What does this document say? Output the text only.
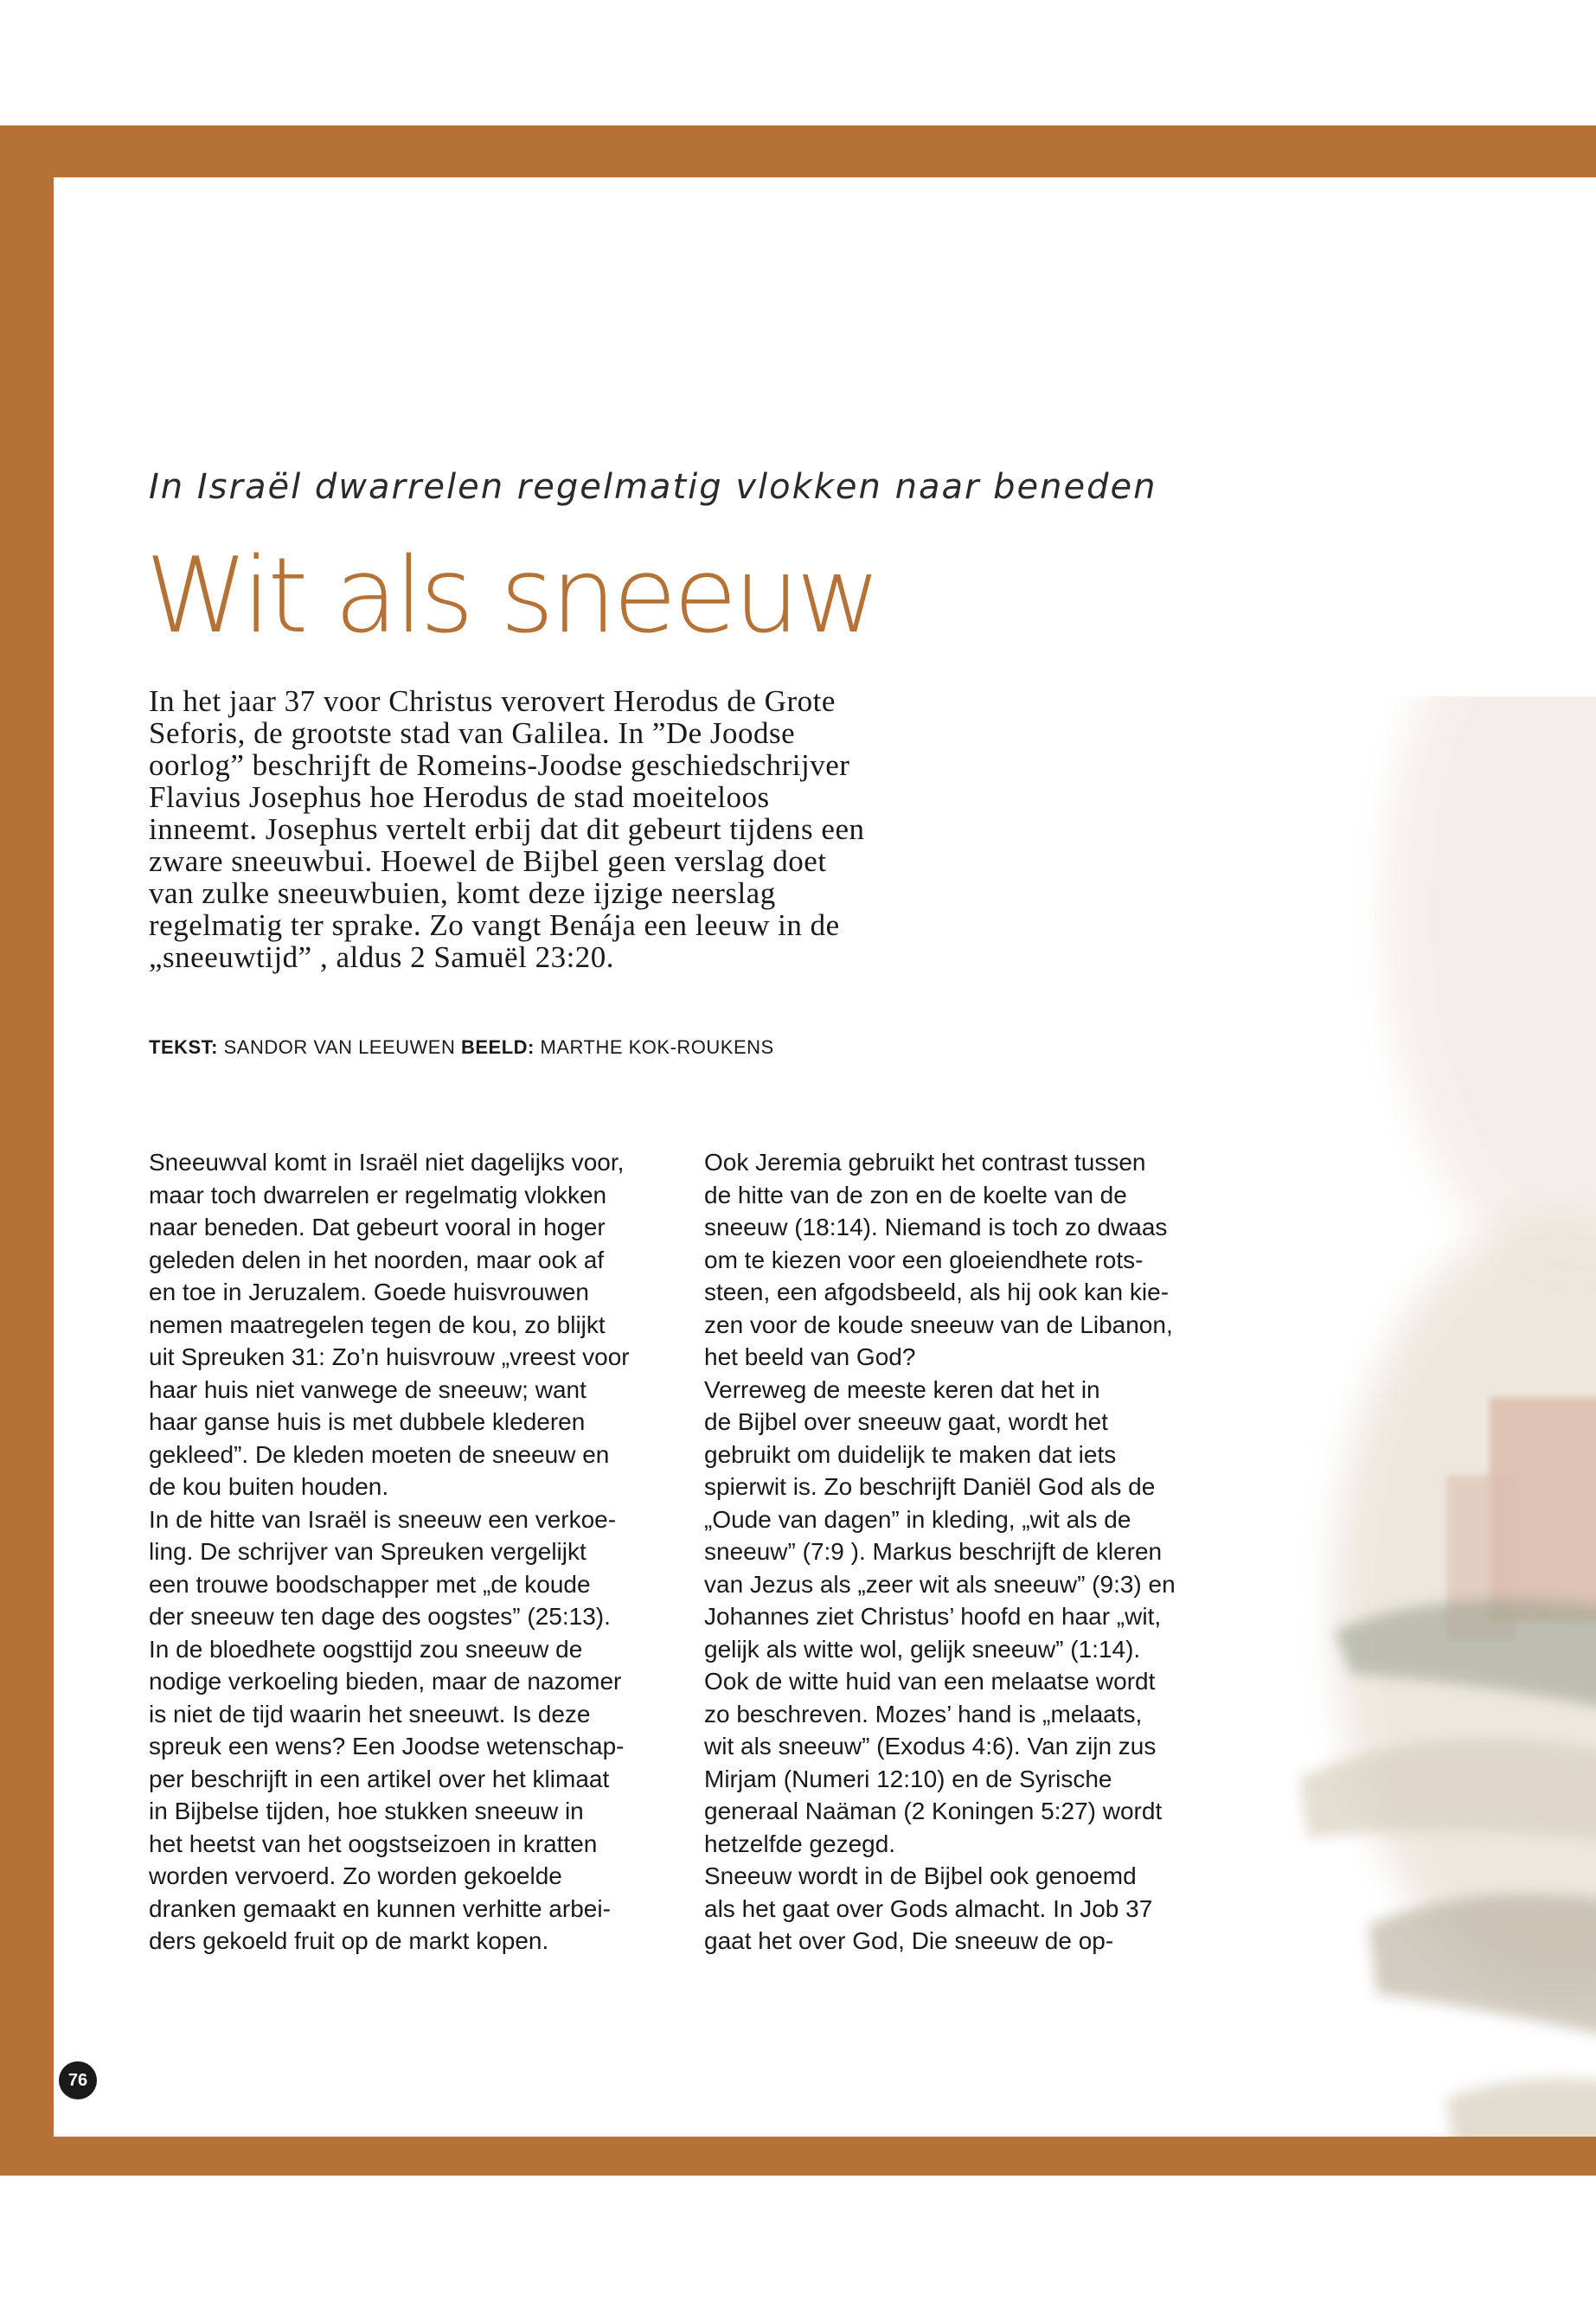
In Israël dwarrelen regelmatig vlokken naar beneden

Wit als sneeuw

In het jaar 37 voor Christus verovert Herodus de Grote Seforis, de grootste stad van Galilea. In ”De Joodse oorlog” beschrijft de Romeins-Joodse geschiedschrijver Flavius Josephus hoe Herodus de stad moeiteloos inneemt. Josephus vertelt erbij dat dit gebeurt tijdens een zware sneeuwbui. Hoewel de Bijbel geen verslag doet van zulke sneeuwbuien, komt deze ijzige neerslag regelmatig ter sprake. Zo vangt Benája een leeuw in de „sneeuwtijd” , aldus 2 Samuël 23:20.

TEKST: SANDOR VAN LEEUWEN BEELD: MARTHE KOK-ROUKENS

Sneeuwval komt in Israël niet dagelijks voor,
maar toch dwarrelen er regelmatig vlokken
naar beneden. Dat gebeurt vooral in hoger
geleden delen in het noorden, maar ook af
en toe in Jeruzalem. Goede huisvrouwen
nemen maatregelen tegen de kou, zo blijkt
uit Spreuken 31: Zo’n huisvrouw „vreest voor
haar huis niet vanwege de sneeuw; want
haar ganse huis is met dubbele klederen
gekleed”. De kleden moeten de sneeuw en
de kou buiten houden.
In de hitte van Israël is sneeuw een verkoe-
ling. De schrijver van Spreuken vergelijkt
een trouwe boodschapper met „de koude
der sneeuw ten dage des oogstes” (25:13).
In de bloedhete oogsttijd zou sneeuw de
nodige verkoeling bieden, maar de nazomer
is niet de tijd waarin het sneeuwt. Is deze
spreuk een wens? Een Joodse wetenschap-
per beschrijft in een artikel over het klimaat
in Bijbelse tijden, hoe stukken sneeuw in
het heetst van het oogstseizoen in kratten
worden vervoerd. Zo worden gekoelde
dranken gemaakt en kunnen verhitte arbei-
ders gekoeld fruit op de markt kopen.
Ook Jeremia gebruikt het contrast tussen
de hitte van de zon en de koelte van de
sneeuw (18:14). Niemand is toch zo dwaas
om te kiezen voor een gloeiendhete rots-
steen, een afgodsbeeld, als hij ook kan kie-
zen voor de koude sneeuw van de Libanon,
het beeld van God?
Verreweg de meeste keren dat het in
de Bijbel over sneeuw gaat, wordt het
gebruikt om duidelijk te maken dat iets
spierwit is. Zo beschrijft Daniël God als de
„Oude van dagen” in kleding, „wit als de
sneeuw” (7:9 ). Markus beschrijft de kleren
van Jezus als „zeer wit als sneeuw” (9:3) en
Johannes ziet Christus’ hoofd en haar „wit,
gelijk als witte wol, gelijk sneeuw” (1:14).
Ook de witte huid van een melaatse wordt
zo beschreven. Mozes’ hand is „melaats,
wit als sneeuw” (Exodus 4:6). Van zijn zus
Mirjam (Numeri 12:10) en de Syrische
generaal Naäman (2 Koningen 5:27) wordt
hetzelfde gezegd.
Sneeuw wordt in de Bijbel ook genoemd
als het gaat over Gods almacht. In Job 37
gaat het over God, Die sneeuw de op-
76
